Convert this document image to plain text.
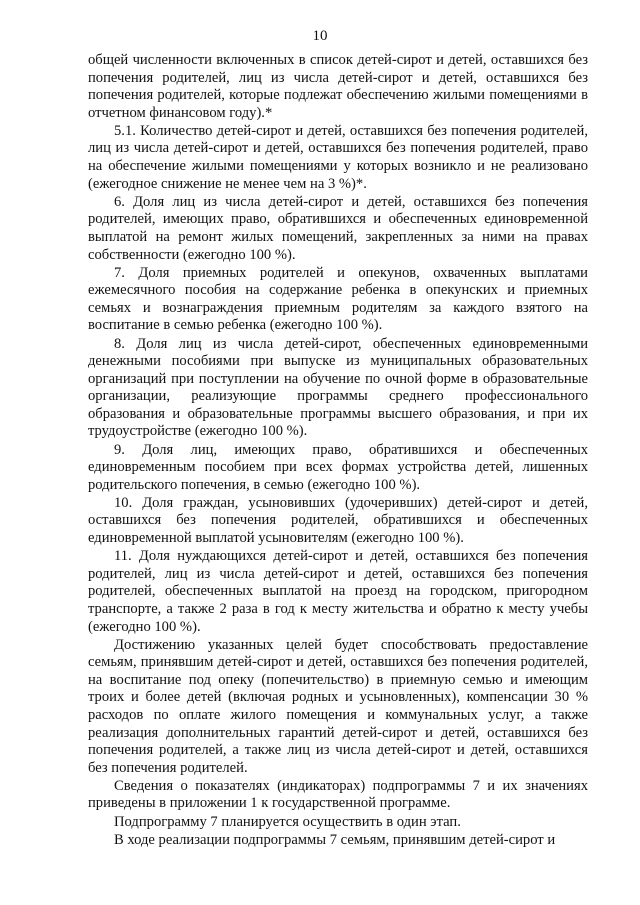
10

общей численности включенных в список детей-сирот и детей, оставшихся без попечения родителей, лиц из числа детей-сирот и детей, оставшихся без попечения родителей, которые подлежат обеспечению жилыми помещениями в отчетном финансовом году).*

5.1. Количество детей-сирот и детей, оставшихся без попечения родителей, лиц из числа детей-сирот и детей, оставшихся без попечения родителей, право на обеспечение жилыми помещениями у которых возникло и не реализовано (ежегодное снижение не менее чем на 3 %)*.

6. Доля лиц из числа детей-сирот и детей, оставшихся без попечения родителей, имеющих право, обратившихся и обеспеченных единовременной выплатой на ремонт жилых помещений, закрепленных за ними на правах собственности (ежегодно 100 %).

7. Доля приемных родителей и опекунов, охваченных выплатами ежемесячного пособия на содержание ребенка в опекунских и приемных семьях и вознаграждения приемным родителям за каждого взятого на воспитание в семью ребенка (ежегодно 100 %).

8. Доля лиц из числа детей-сирот, обеспеченных единовременными денежными пособиями при выпуске из муниципальных образовательных организаций при поступлении на обучение по очной форме в образовательные организации, реализующие программы среднего профессионального образования и образовательные программы высшего образования, и при их трудоустройстве (ежегодно 100 %).

9. Доля лиц, имеющих право, обратившихся и обеспеченных единовременным пособием при всех формах устройства детей, лишенных родительского попечения, в семью (ежегодно 100 %).

10. Доля граждан, усыновивших (удочеривших) детей-сирот и детей, оставшихся без попечения родителей, обратившихся и обеспеченных единовременной выплатой усыновителям (ежегодно 100 %).

11. Доля нуждающихся детей-сирот и детей, оставшихся без попечения родителей, лиц из числа детей-сирот и детей, оставшихся без попечения родителей, обеспеченных выплатой на проезд на городском, пригородном транспорте, а также 2 раза в год к месту жительства и обратно к месту учебы (ежегодно 100 %).

Достижению указанных целей будет способствовать предоставление семьям, принявшим детей-сирот и детей, оставшихся без попечения родителей, на воспитание под опеку (попечительство) в приемную семью и имеющим троих и более детей (включая родных и усыновленных), компенсации 30 % расходов по оплате жилого помещения и коммунальных услуг, а также реализация дополнительных гарантий детей-сирот и детей, оставшихся без попечения родителей, а также лиц из числа детей-сирот и детей, оставшихся без попечения родителей.

Сведения о показателях (индикаторах) подпрограммы 7 и их значениях приведены в приложении 1 к государственной программе.

Подпрограмму 7 планируется осуществить в один этап.

В ходе реализации подпрограммы 7 семьям, принявшим детей-сирот и
